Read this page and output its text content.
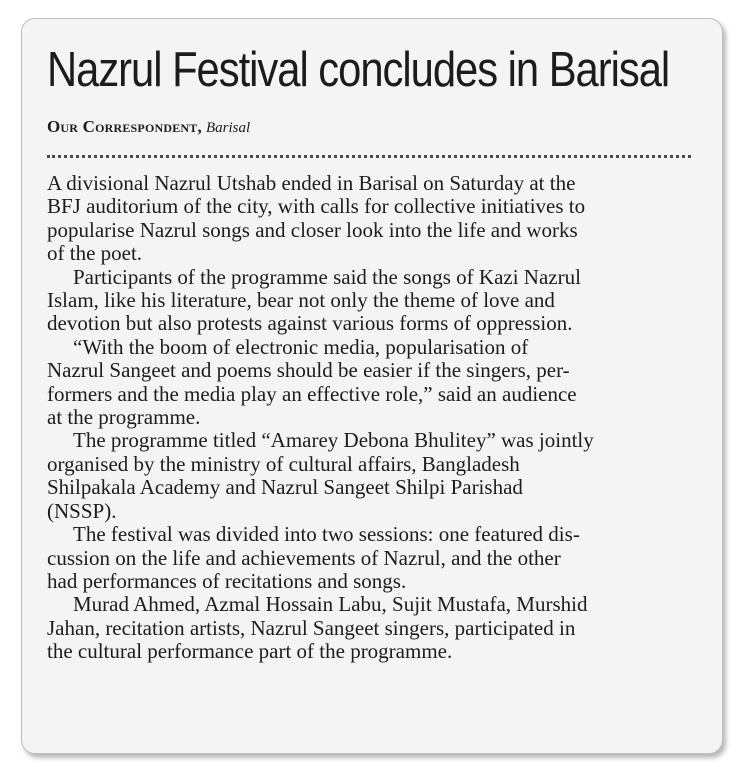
Nazrul Festival concludes in Barisal
Our Correspondent, Barisal
A divisional Nazrul Utshab ended in Barisal on Saturday at the
BFJ auditorium of the city, with calls for collective initiatives to
popularise Nazrul songs and closer look into the life and works
of the poet.
Participants of the programme said the songs of Kazi Nazrul
Islam, like his literature, bear not only the theme of love and
devotion but also protests against various forms of oppression.
“With the boom of electronic media, popularisation of
Nazrul Sangeet and poems should be easier if the singers, per-
formers and the media play an effective role,” said an audience
at the programme.
The programme titled “Amarey Debona Bhulitey” was jointly
organised by the ministry of cultural affairs, Bangladesh
Shilpakala Academy and Nazrul Sangeet Shilpi Parishad
(NSSP).
The festival was divided into two sessions: one featured dis-
cussion on the life and achievements of Nazrul, and the other
had performances of recitations and songs.
Murad Ahmed, Azmal Hossain Labu, Sujit Mustafa, Murshid
Jahan, recitation artists, Nazrul Sangeet singers, participated in
the cultural performance part of the programme.
